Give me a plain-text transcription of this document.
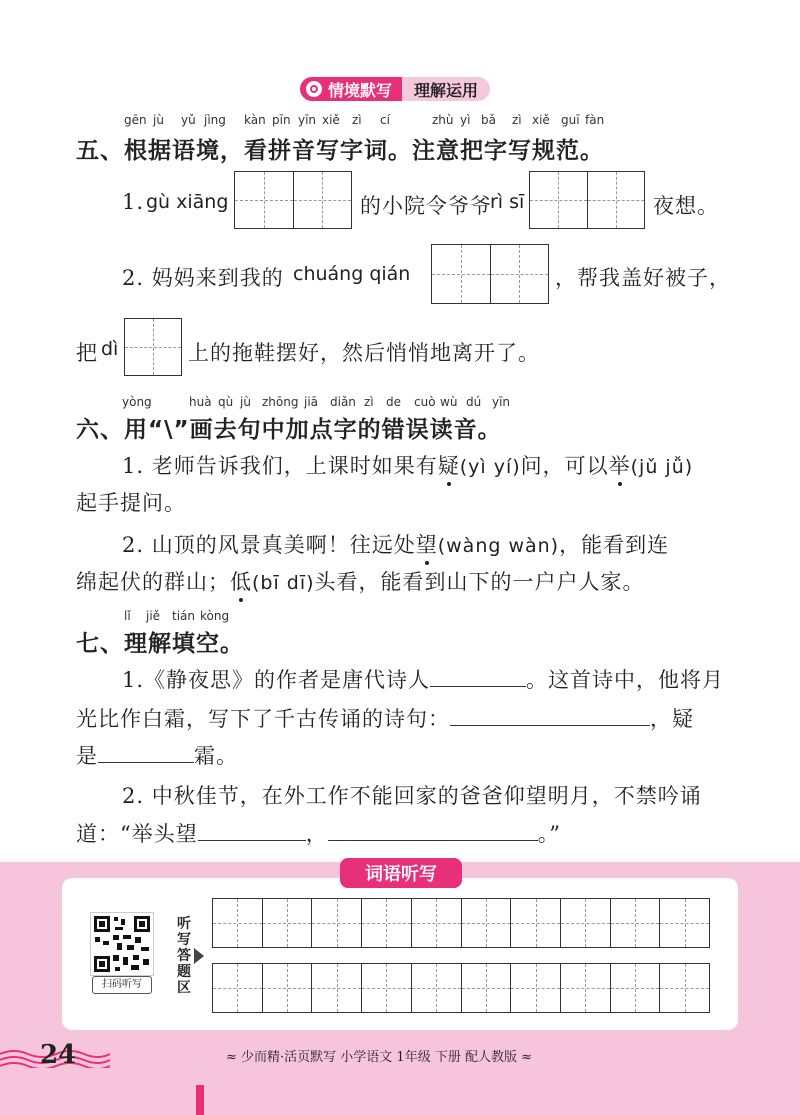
情境默写 理解运用
gēn jù yǔ jìng kàn pīn yīn xiě zì cí	zhù yì bǎ zì xiě guī fàn
五、根据语境，看拼音写字词。注意把字写规范。
1. gù xiāng	的小院令爷爷
rì sī	夜想。
2. 妈妈来到我的 chuáng qián	，帮我盖好被子，
把 dì	上的拖鞋摆好，然后悄悄地离开了。
yòng	huà qù jù zhōng jiā diǎn zì de cuò wù dú yīn
六、用“\”画去句中加点字的错误读音。
1. 老师告诉我们，上课时如果有疑(yì yí)问，可以举(jǔ jǚ)
起手提问。
2. 山顶的风景真美啊！往远处望(wàng wàn)，能看到连
绵起伏的群山；低(bī dī)头看，能看到山下的一户户人家。
lǐ jiě tián kòng
七、理解填空。
1.《静夜思》的作者是唐代诗人	。这首诗中，他将月
光比作白霜，写下了千古传诵的诗句：	，疑
是	霜。
2. 中秋佳节，在外工作不能回家的爸爸仰望明月，不禁吟诵
道：“举头望	，	。”
词语听写
扫码听写
听写答题区
24	≈ 少而精·活页默写 小学语文 1年级 下册 配人教版 ≈
